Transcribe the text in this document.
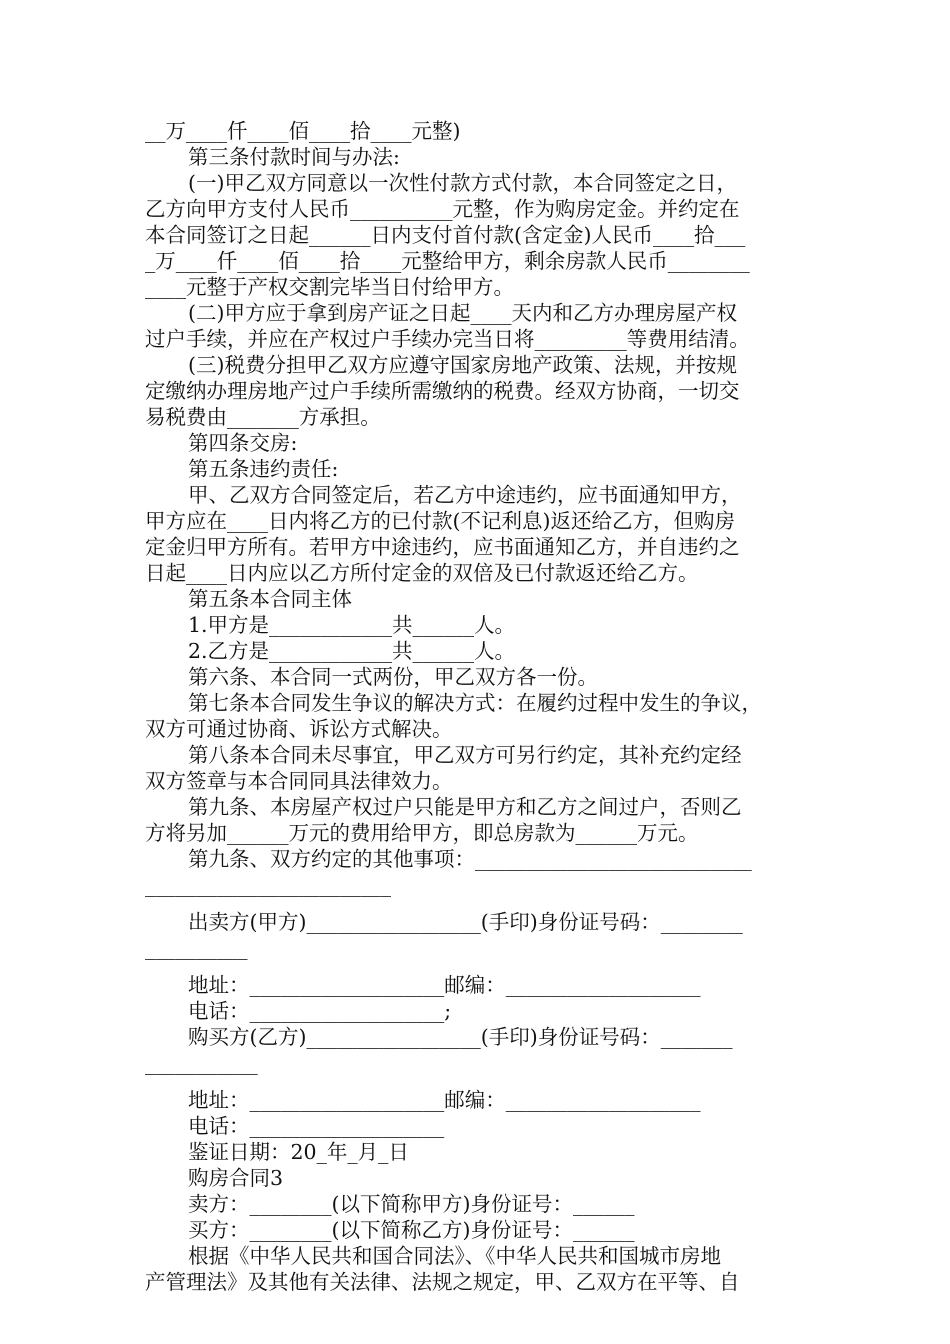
__万____仟____佰____拾____元整)
第三条付款时间与办法:
(一)甲乙双方同意以一次性付款方式付款，本合同签定之日，
乙方向甲方支付人民币__________元整，作为购房定金。并约定在
本合同签订之日起______日内支付首付款(含定金)人民币____拾___
_万____仟____佰____拾____元整给甲方，剩余房款人民币________
____元整于产权交割完毕当日付给甲方。
(二)甲方应于拿到房产证之日起____天内和乙方办理房屋产权
过户手续，并应在产权过户手续办完当日将_________等费用结清。
(三)税费分担甲乙双方应遵守国家房地产政策、法规，并按规
定缴纳办理房地产过户手续所需缴纳的税费。经双方协商，一切交
易税费由_______方承担。
第四条交房:
第五条违约责任:
甲、乙双方合同签定后，若乙方中途违约，应书面通知甲方，
甲方应在____日内将乙方的已付款(不记利息)返还给乙方，但购房
定金归甲方所有。若甲方中途违约，应书面通知乙方，并自违约之
日起____日内应以乙方所付定金的双倍及已付款返还给乙方。
第五条本合同主体
1.甲方是____________共______人。
2.乙方是____________共______人。
第六条、本合同一式两份，甲乙双方各一份。
第七条本合同发生争议的解决方式：在履约过程中发生的争议，
双方可通过协商、诉讼方式解决。
第八条本合同未尽事宜，甲乙双方可另行约定，其补充约定经
双方签章与本合同同具法律效力。
第九条、本房屋产权过户只能是甲方和乙方之间过户，否则乙
方将另加______万元的费用给甲方，即总房款为______万元。
第九条、双方约定的其他事项：___________________________
________________________
出卖方(甲方)_________________(手印)身份证号码：________
__________
地址：___________________邮编：___________________
电话：___________________;
购买方(乙方)_________________(手印)身份证号码：_______
___________
地址：___________________邮编：___________________
电话：___________________
鉴证日期：20_年_月_日
购房合同3
卖方：________(以下简称甲方)身份证号：______
买方：________(以下简称乙方)身份证号：______
根据《中华人民共和国合同法》、《中华人民共和国城市房地
产管理法》及其他有关法律、法规之规定，甲、乙双方在平等、自
